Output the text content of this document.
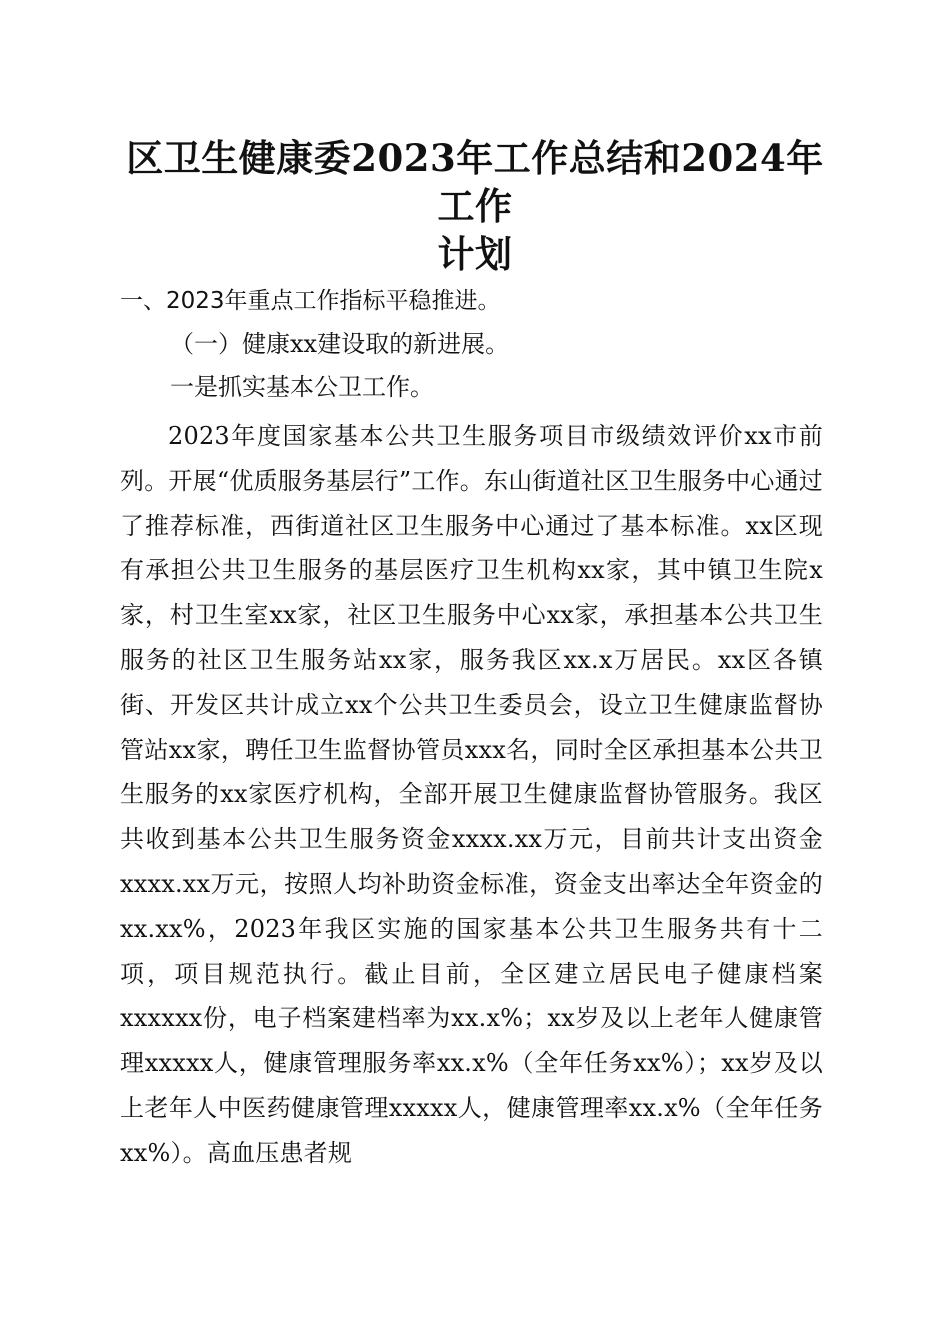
区卫生健康委2023年工作总结和2024年工作
计划
一、2023年重点工作指标平稳推进。
（一）健康xx建设取的新进展。
一是抓实基本公卫工作。

2023年度国家基本公共卫生服务项目市级绩效评价xx市前列。开展“优质服务基层行”工作。东山街道社区卫生服务中心通过了推荐标准，西街道社区卫生服务中心通过了基本标准。xx区现有承担公共卫生服务的基层医疗卫生机构xx家，其中镇卫生院x家，村卫生室xx家，社区卫生服务中心xx家，承担基本公共卫生服务的社区卫生服务站xx家，服务我区xx.x万居民。xx区各镇街、开发区共计成立xx个公共卫生委员会，设立卫生健康监督协管站xx家，聘任卫生监督协管员xxx名，同时全区承担基本公共卫生服务的xx家医疗机构，全部开展卫生健康监督协管服务。我区共收到基本公共卫生服务资金xxxx.xx万元，目前共计支出资金xxxx.xx万元，按照人均补助资金标准，资金支出率达全年资金的xx.xx%，2023年我区实施的国家基本公共卫生服务共有十二项，项目规范执行。截止目前，全区建立居民电子健康档案xxxxxx份，电子档案建档率为xx.x%；xx岁及以上老年人健康管理xxxxx人，健康管理服务率xx.x%（全年任务xx%）；xx岁及以上老年人中医药健康管理xxxxx人，健康管理率xx.x%（全年任务xx%）。高血压患者规
